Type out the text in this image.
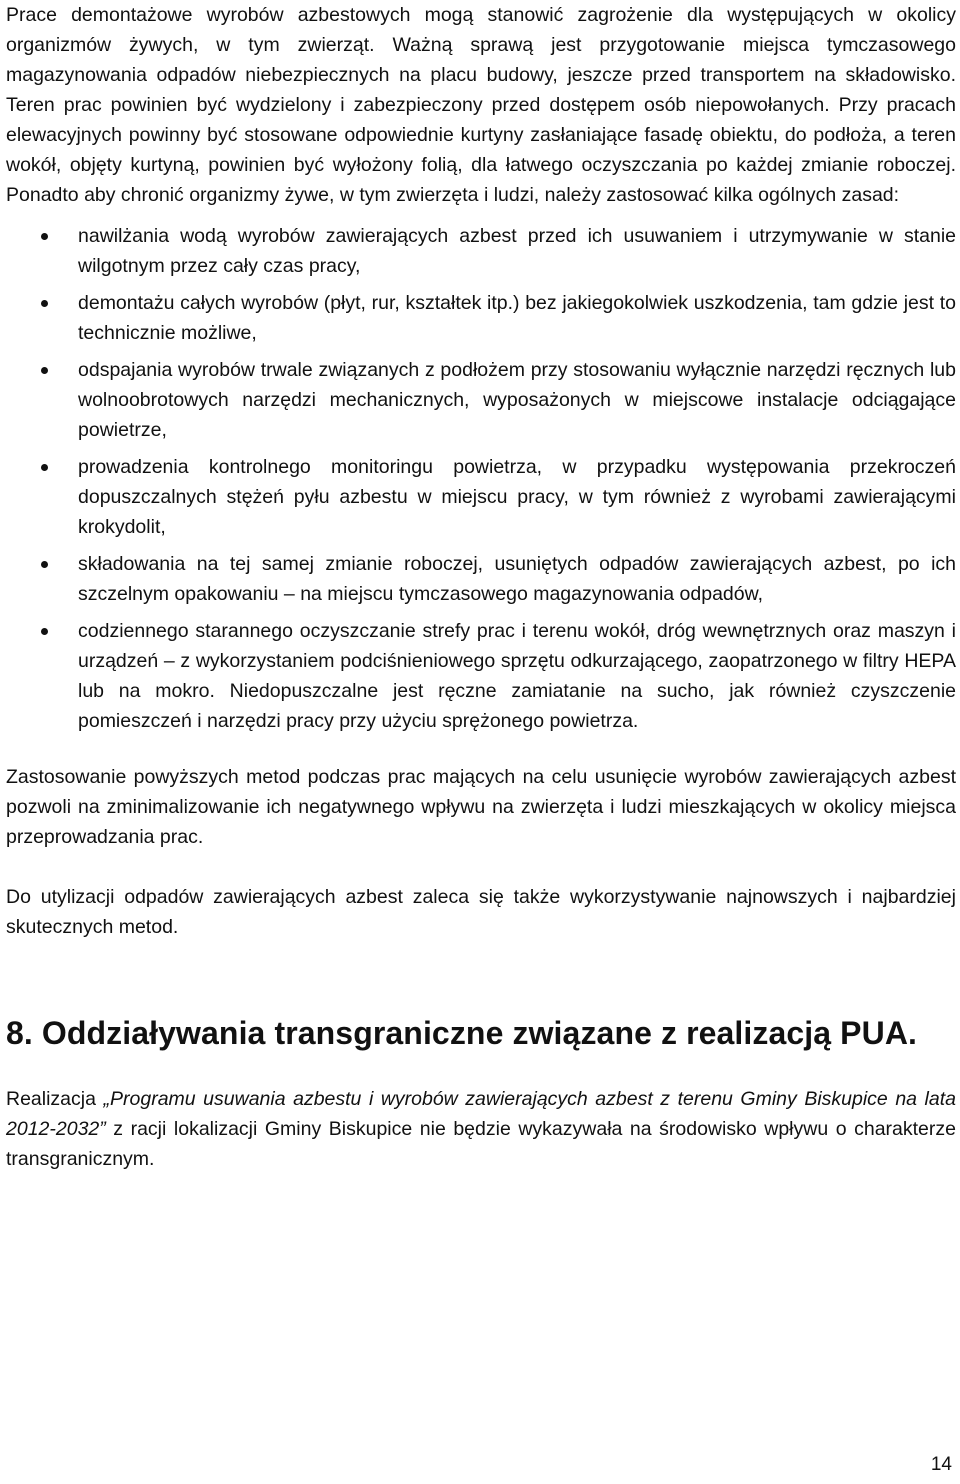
Prace demontażowe wyrobów azbestowych mogą stanowić zagrożenie dla występujących w okolicy organizmów żywych, w tym zwierząt. Ważną sprawą jest przygotowanie miejsca tymczasowego magazynowania odpadów niebezpiecznych na placu budowy, jeszcze przed transportem na składowisko. Teren prac powinien być wydzielony i zabezpieczony przed dostępem osób niepowołanych. Przy pracach elewacyjnych powinny być stosowane odpowiednie kurtyny zasłaniające fasadę obiektu, do podłoża, a teren wokół, objęty kurtyną, powinien być wyłożony folią, dla łatwego oczyszczania po każdej zmianie roboczej. Ponadto aby chronić organizmy żywe, w tym zwierzęta i ludzi, należy zastosować kilka ogólnych zasad:

nawilżania wodą wyrobów zawierających azbest przed ich usuwaniem i utrzymywanie w stanie wilgotnym przez cały czas pracy,
demontażu całych wyrobów (płyt, rur, kształtek itp.) bez jakiegokolwiek uszkodzenia, tam gdzie jest to technicznie możliwe,
odspajania wyrobów trwale związanych z podłożem przy stosowaniu wyłącznie narzędzi ręcznych lub wolnoobrotowych narzędzi mechanicznych, wyposażonych w miejscowe instalacje odciągające powietrze,
prowadzenia kontrolnego monitoringu powietrza, w przypadku występowania przekroczeń dopuszczalnych stężeń pyłu azbestu w miejscu pracy, w tym również z wyrobami zawierającymi krokydolit,
składowania na tej samej zmianie roboczej, usuniętych odpadów zawierających azbest, po ich szczelnym opakowaniu – na miejscu tymczasowego magazynowania odpadów,
codziennego starannego oczyszczanie strefy prac i terenu wokół, dróg wewnętrznych oraz maszyn i urządzeń – z wykorzystaniem podciśnieniowego sprzętu odkurzającego, zaopatrzonego w filtry HEPA lub na mokro. Niedopuszczalne jest ręczne zamiatanie na sucho, jak również czyszczenie pomieszczeń i narzędzi pracy przy użyciu sprężonego powietrza.

Zastosowanie powyższych metod podczas prac mających na celu usunięcie wyrobów zawierających azbest pozwoli na zminimalizowanie ich negatywnego wpływu na zwierzęta i ludzi mieszkających w okolicy miejsca przeprowadzania prac.

Do utylizacji odpadów zawierających azbest zaleca się także wykorzystywanie najnowszych i najbardziej skutecznych metod.

8. Oddziaływania transgraniczne związane z realizacją PUA.

Realizacja „Programu usuwania azbestu i wyrobów zawierających azbest z terenu Gminy Biskupice na lata 2012-2032” z racji lokalizacji Gminy Biskupice nie będzie wykazywała na środowisko wpływu o charakterze transgranicznym.

14
